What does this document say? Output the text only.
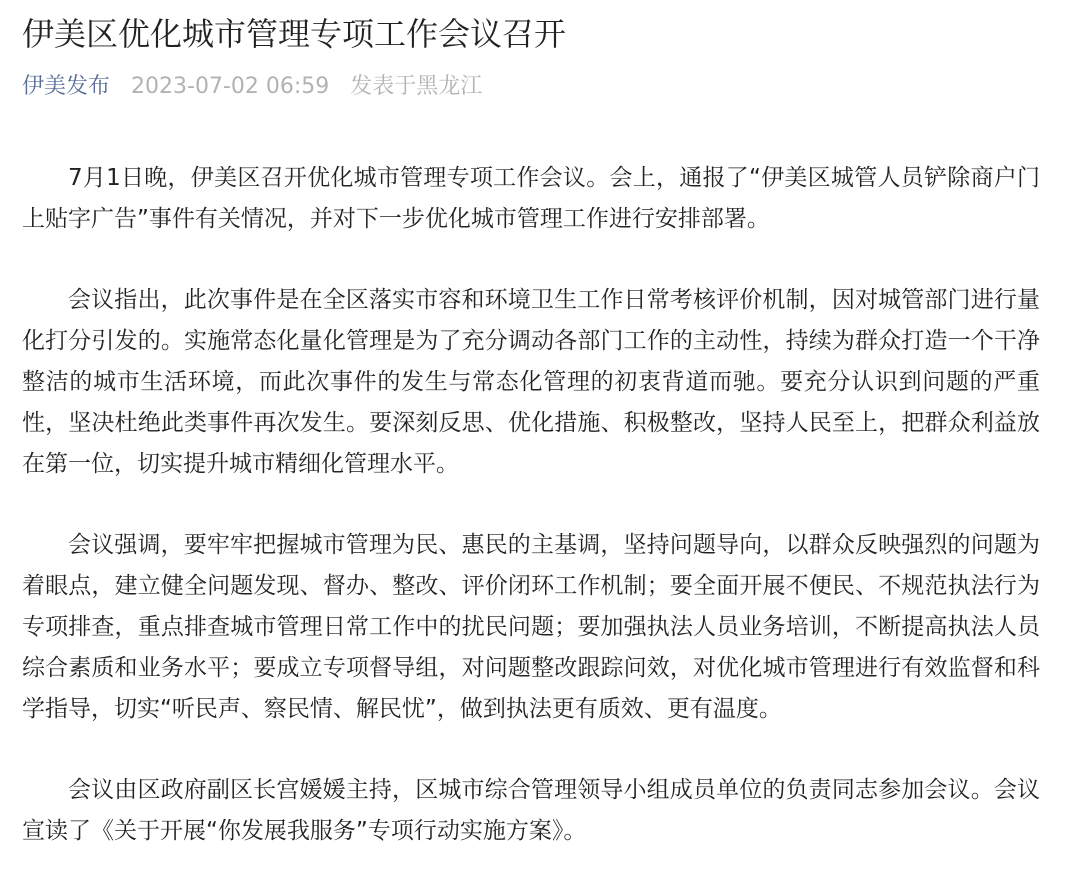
伊美区优化城市管理专项工作会议召开
伊美发布 2023-07-02 06:59 发表于黑龙江

7月1日晚，伊美区召开优化城市管理专项工作会议。会上，通报了“伊美区城管人员铲除商户门上贴字广告”事件有关情况，并对下一步优化城市管理工作进行安排部署。

会议指出，此次事件是在全区落实市容和环境卫生工作日常考核评价机制，因对城管部门进行量化打分引发的。实施常态化量化管理是为了充分调动各部门工作的主动性，持续为群众打造一个干净整洁的城市生活环境，而此次事件的发生与常态化管理的初衷背道而驰。要充分认识到问题的严重性，坚决杜绝此类事件再次发生。要深刻反思、优化措施、积极整改，坚持人民至上，把群众利益放在第一位，切实提升城市精细化管理水平。

会议强调，要牢牢把握城市管理为民、惠民的主基调，坚持问题导向，以群众反映强烈的问题为着眼点，建立健全问题发现、督办、整改、评价闭环工作机制；要全面开展不便民、不规范执法行为专项排查，重点排查城市管理日常工作中的扰民问题；要加强执法人员业务培训，不断提高执法人员综合素质和业务水平；要成立专项督导组，对问题整改跟踪问效，对优化城市管理进行有效监督和科学指导，切实“听民声、察民情、解民忧”，做到执法更有质效、更有温度。

会议由区政府副区长宫媛媛主持，区城市综合管理领导小组成员单位的负责同志参加会议。会议宣读了《关于开展“你发展我服务”专项行动实施方案》。
